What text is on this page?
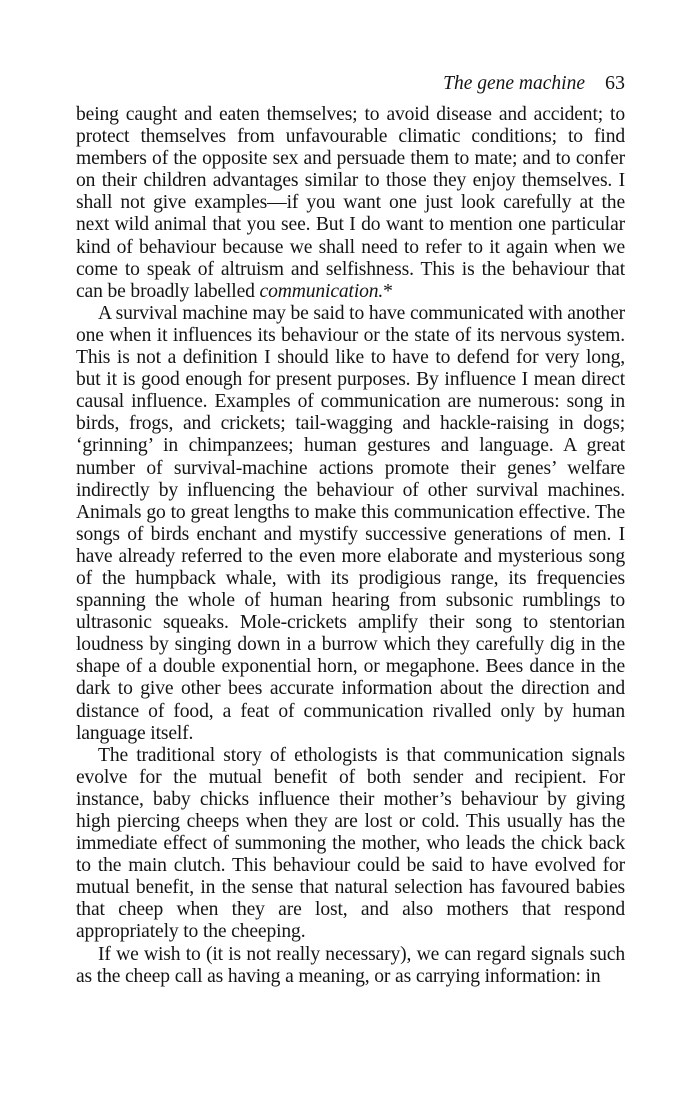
The gene machine 63

being caught and eaten themselves; to avoid disease and accident; to protect themselves from unfavourable climatic conditions; to find members of the opposite sex and persuade them to mate; and to confer on their children advantages similar to those they enjoy themselves. I shall not give examples—if you want one just look carefully at the next wild animal that you see. But I do want to mention one particular kind of behaviour because we shall need to refer to it again when we come to speak of altruism and selfishness. This is the behaviour that can be broadly labelled communication.*

A survival machine may be said to have communicated with another one when it influences its behaviour or the state of its nervous system. This is not a definition I should like to have to defend for very long, but it is good enough for present purposes. By influence I mean direct causal influence. Examples of communication are numerous: song in birds, frogs, and crickets; tail-wagging and hackle-raising in dogs; ‘grinning’ in chimpanzees; human gestures and language. A great number of survival-machine actions promote their genes’ welfare indirectly by influencing the behaviour of other survival machines. Animals go to great lengths to make this communication effective. The songs of birds enchant and mystify successive generations of men. I have already referred to the even more elaborate and mysterious song of the humpback whale, with its prodigious range, its frequencies spanning the whole of human hearing from subsonic rumblings to ultrasonic squeaks. Mole-crickets amplify their song to stentorian loudness by singing down in a burrow which they carefully dig in the shape of a double exponential horn, or megaphone. Bees dance in the dark to give other bees accurate information about the direction and distance of food, a feat of communication rivalled only by human language itself.

The traditional story of ethologists is that communication signals evolve for the mutual benefit of both sender and recipient. For instance, baby chicks influence their mother’s behaviour by giving high piercing cheeps when they are lost or cold. This usually has the immediate effect of summoning the mother, who leads the chick back to the main clutch. This behaviour could be said to have evolved for mutual benefit, in the sense that natural selection has favoured babies that cheep when they are lost, and also mothers that respond appropriately to the cheeping.

If we wish to (it is not really necessary), we can regard signals such as the cheep call as having a meaning, or as carrying information: in
